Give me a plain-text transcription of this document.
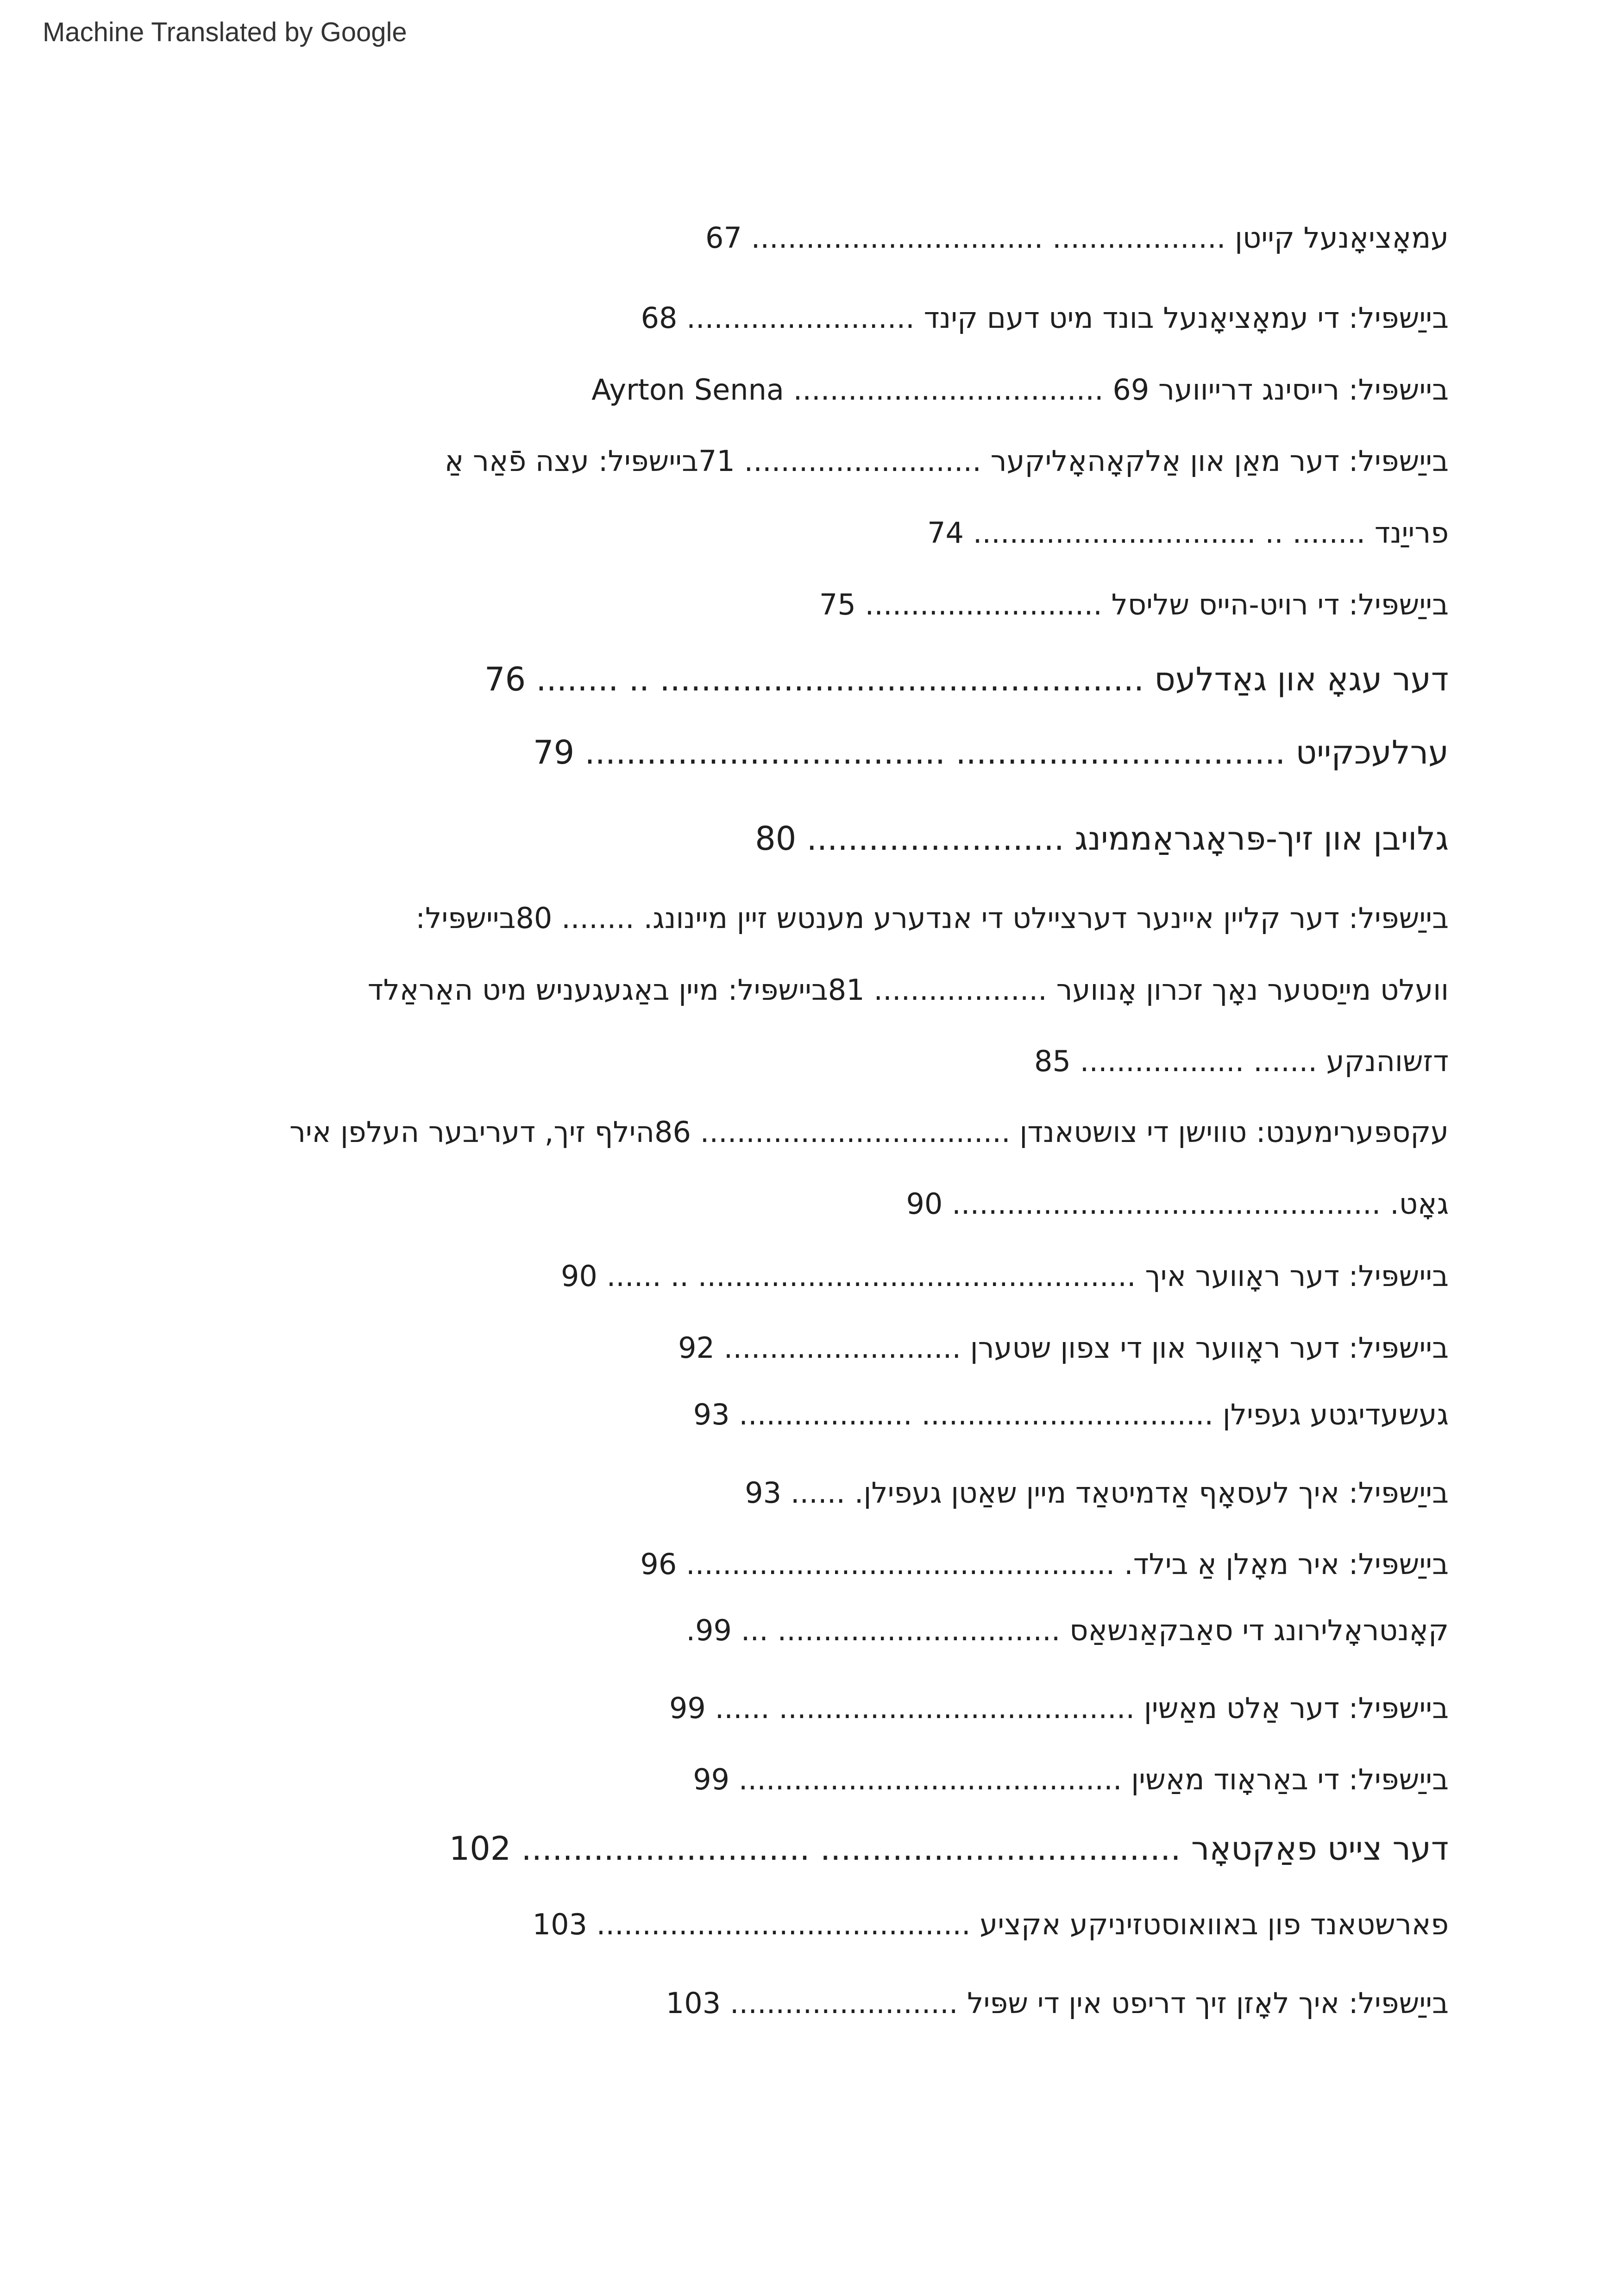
Machine Translated by Google
עמאָציאָנעל קייטן ................... ................................ 67
בייַשפּיל: די עמאָציאָנעל בונד מיט דעם קינד ......................... 68
ביישפּיל: רייסינג דרייווער 69 .................................. Ayrton Senna
בייַשפּיל: דער מאַן און אַלקאָהאָליקער .......................... 71ביישפּיל: עצה פֿאַר אַ
פרייַנד ........ .. ............................... 74
בייַשפּיל: די רויט-הייס שליסל .......................... 75
דער עגאָ און גאַדלעס ............................................... .. ........ 76
ערלעכקייט ................................ ................................... 79
גלויבן און זיך-פּראָגראַממינג ......................... 80
בייַשפּיל: דער קליין איינער דערציילט די אנדערע מענטש זיין מיינונג. ........ 80ביישפּיל:
וועלט מייַסטער נאָך זכרון אָנווער ................... 81ביישפּיל: מיין באַגעגעניש מיט האַראַלד
דזשוהנקע ....... .................. 85
עקספּערימענט: טווישן די צושטאנדן .................................. 86הילף זיך, דעריבער העלפן איר
גאָט. ............................................... 90
ביישפּיל: דער ראָווער איך ................................................ .. ...... 90
ביישפּיל: דער ראָווער און די צפון שטערן .......................... 92
געשעדיגטע געפילן ................................ ................... 93
בייַשפּיל: איך לעסאָף אַדמיטאַד מיין שאַטן געפילן. ...... 93
בייַשפּיל: איר מאָלן אַ בילד. ............................................... 96
קאָנטראָלירונג די סאַבקאַנשאַס ............................... ... 99.
ביישפּיל: דער אַלט מאַשין ....................................... ...... 99
בייַשפּיל: די באַראָוד מאַשין .......................................... 99
דער צייט פאַקטאָר ................................... ............................ 102
פארשטאנד פון באוואוסטזיניקע אקציע ......................................... 103
בייַשפּיל: איך לאָזן זיך דריפט אין די שפּיל ......................... 103
